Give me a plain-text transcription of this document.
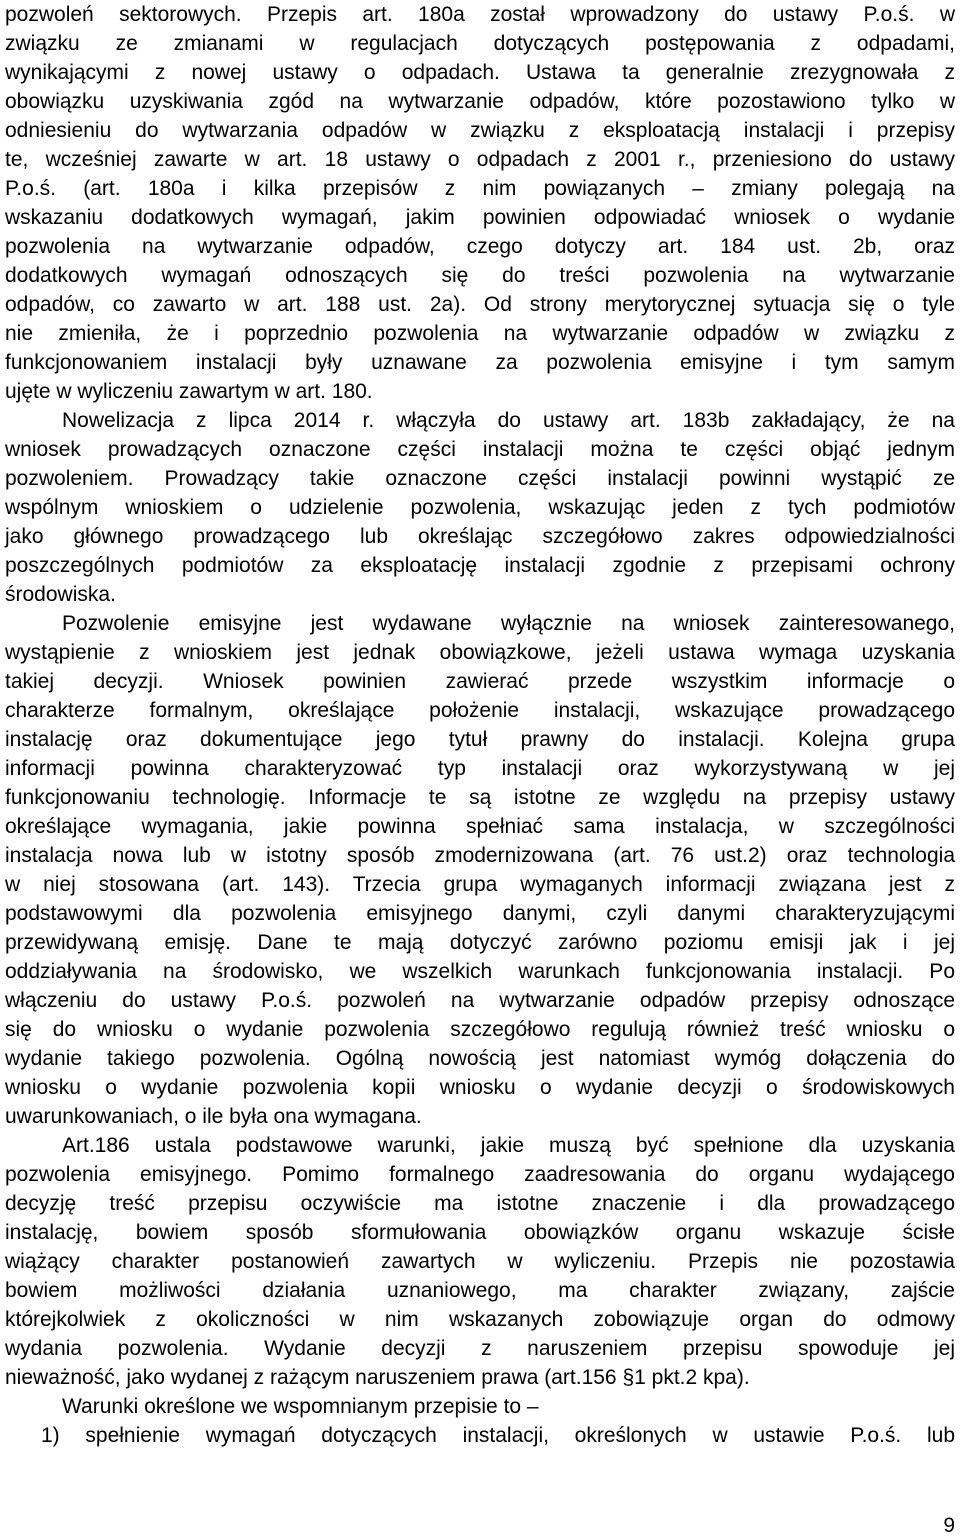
pozwoleń sektorowych. Przepis art. 180a został wprowadzony do ustawy P.o.ś. w
związku ze zmianami w regulacjach dotyczących postępowania z odpadami,
wynikającymi z nowej ustawy o odpadach. Ustawa ta generalnie zrezygnowała z
obowiązku uzyskiwania zgód na wytwarzanie odpadów, które pozostawiono tylko w
odniesieniu do wytwarzania odpadów w związku z eksploatacją instalacji i przepisy
te, wcześniej zawarte w art. 18 ustawy o odpadach z 2001 r., przeniesiono do ustawy
P.o.ś. (art. 180a i kilka przepisów z nim powiązanych – zmiany polegają na
wskazaniu dodatkowych wymagań, jakim powinien odpowiadać wniosek o wydanie
pozwolenia na wytwarzanie odpadów, czego dotyczy art. 184 ust. 2b, oraz
dodatkowych wymagań odnoszących się do treści pozwolenia na wytwarzanie
odpadów, co zawarto w art. 188 ust. 2a). Od strony merytorycznej sytuacja się o tyle
nie zmieniła, że i poprzednio pozwolenia na wytwarzanie odpadów w związku z
funkcjonowaniem instalacji były uznawane za pozwolenia emisyjne i tym samym
ujęte w wyliczeniu zawartym w art. 180.
Nowelizacja z lipca 2014 r. włączyła do ustawy art. 183b zakładający, że na
wniosek prowadzących oznaczone części instalacji można te części objąć jednym
pozwoleniem. Prowadzący takie oznaczone części instalacji powinni wystąpić ze
wspólnym wnioskiem o udzielenie pozwolenia, wskazując jeden z tych podmiotów
jako głównego prowadzącego lub określając szczegółowo zakres odpowiedzialności
poszczególnych podmiotów za eksploatację instalacji zgodnie z przepisami ochrony
środowiska.
Pozwolenie emisyjne jest wydawane wyłącznie na wniosek zainteresowanego,
wystąpienie z wnioskiem jest jednak obowiązkowe, jeżeli ustawa wymaga uzyskania
takiej decyzji. Wniosek powinien zawierać przede wszystkim informacje o
charakterze formalnym, określające położenie instalacji, wskazujące prowadzącego
instalację oraz dokumentujące jego tytuł prawny do instalacji. Kolejna grupa
informacji powinna charakteryzować typ instalacji oraz wykorzystywaną w jej
funkcjonowaniu technologię. Informacje te są istotne ze względu na przepisy ustawy
określające wymagania, jakie powinna spełniać sama instalacja, w szczególności
instalacja nowa lub w istotny sposób zmodernizowana (art. 76 ust.2) oraz technologia
w niej stosowana (art. 143). Trzecia grupa wymaganych informacji związana jest z
podstawowymi dla pozwolenia emisyjnego danymi, czyli danymi charakteryzującymi
przewidywaną emisję. Dane te mają dotyczyć zarówno poziomu emisji jak i jej
oddziaływania na środowisko, we wszelkich warunkach funkcjonowania instalacji. Po
włączeniu do ustawy P.o.ś. pozwoleń na wytwarzanie odpadów przepisy odnoszące
się do wniosku o wydanie pozwolenia szczegółowo regulują również treść wniosku o
wydanie takiego pozwolenia. Ogólną nowością jest natomiast wymóg dołączenia do
wniosku o wydanie pozwolenia kopii wniosku o wydanie decyzji o środowiskowych
uwarunkowaniach, o ile była ona wymagana.
Art.186 ustala podstawowe warunki, jakie muszą być spełnione dla uzyskania
pozwolenia emisyjnego. Pomimo formalnego zaadresowania do organu wydającego
decyzję treść przepisu oczywiście ma istotne znaczenie i dla prowadzącego
instalację, bowiem sposób sformułowania obowiązków organu wskazuje ścisłe
wiążący charakter postanowień zawartych w wyliczeniu. Przepis nie pozostawia
bowiem możliwości działania uznaniowego, ma charakter związany, zajście
którejkolwiek z okoliczności w nim wskazanych zobowiązuje organ do odmowy
wydania pozwolenia. Wydanie decyzji z naruszeniem przepisu spowoduje jej
nieważność, jako wydanej z rażącym naruszeniem prawa (art.156 §1 pkt.2 kpa).
Warunki określone we wspomnianym przepisie to –
1) spełnienie wymagań dotyczących instalacji, określonych w ustawie P.o.ś. lub
9
